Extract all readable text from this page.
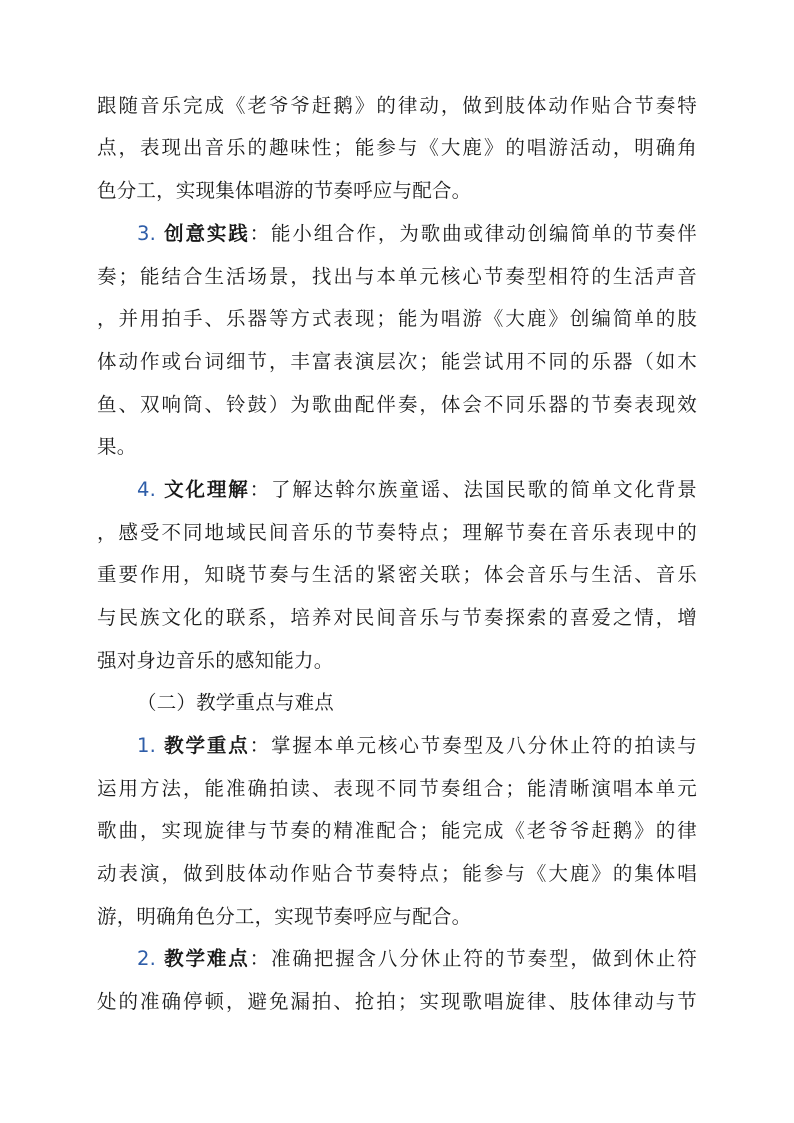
跟随音乐完成《老爷爷赶鹅》的律动，做到肢体动作贴合节奏特
点，表现出音乐的趣味性；能参与《大鹿》的唱游活动，明确角
色分工，实现集体唱游的节奏呼应与配合。
3. 创意实践：能小组合作，为歌曲或律动创编简单的节奏伴
奏；能结合生活场景，找出与本单元核心节奏型相符的生活声音
，并用拍手、乐器等方式表现；能为唱游《大鹿》创编简单的肢
体动作或台词细节，丰富表演层次；能尝试用不同的乐器（如木
鱼、双响筒、铃鼓）为歌曲配伴奏，体会不同乐器的节奏表现效
果。
4. 文化理解：了解达斡尔族童谣、法国民歌的简单文化背景
，感受不同地域民间音乐的节奏特点；理解节奏在音乐表现中的
重要作用，知晓节奏与生活的紧密关联；体会音乐与生活、音乐
与民族文化的联系，培养对民间音乐与节奏探索的喜爱之情，增
强对身边音乐的感知能力。
（二）教学重点与难点
1. 教学重点：掌握本单元核心节奏型及八分休止符的拍读与
运用方法，能准确拍读、表现不同节奏组合；能清晰演唱本单元
歌曲，实现旋律与节奏的精准配合；能完成《老爷爷赶鹅》的律
动表演，做到肢体动作贴合节奏特点；能参与《大鹿》的集体唱
游，明确角色分工，实现节奏呼应与配合。
2. 教学难点：准确把握含八分休止符的节奏型，做到休止符
处的准确停顿，避免漏拍、抢拍；实现歌唱旋律、肢体律动与节
